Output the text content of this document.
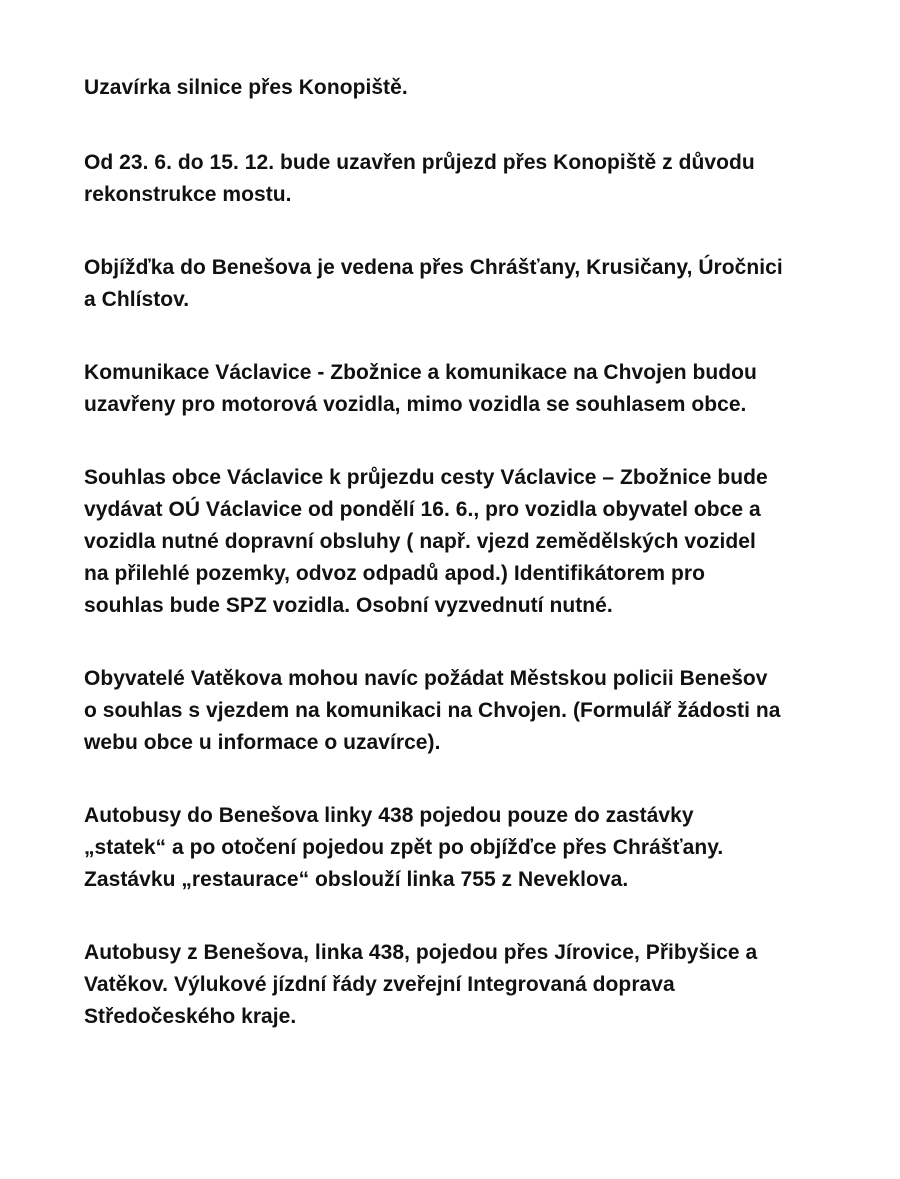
Uzavírka silnice přes Konopiště.
Od 23. 6. do 15. 12. bude uzavřen průjezd přes Konopiště z důvodu
rekonstrukce mostu.
Objížďka do Benešova je vedena přes Chrášťany, Krusičany, Úročnici
a Chlístov.
Komunikace Václavice - Zbožnice a komunikace na Chvojen budou
uzavřeny pro motorová vozidla, mimo vozidla se souhlasem obce.
Souhlas obce Václavice k průjezdu cesty Václavice – Zbožnice bude
vydávat OÚ Václavice od pondělí 16. 6., pro vozidla obyvatel obce a
vozidla nutné dopravní obsluhy ( např. vjezd zemědělských vozidel
na přilehlé pozemky, odvoz odpadů apod.) Identifikátorem pro
souhlas bude SPZ vozidla. Osobní vyzvednutí nutné.
Obyvatelé Vatěkova mohou navíc požádat Městskou policii Benešov
o souhlas s vjezdem na komunikaci na Chvojen. (Formulář žádosti na
webu obce u informace o uzavírce).
Autobusy do Benešova linky 438 pojedou pouze do zastávky
„statek“ a po otočení pojedou zpět po objížďce přes Chrášťany.
Zastávku „restaurace“ obslouží linka 755 z Neveklova.
Autobusy z Benešova, linka 438, pojedou přes Jírovice, Přibyšice a
Vatěkov. Výlukové jízdní řády zveřejní Integrovaná doprava
Středočeského kraje.
